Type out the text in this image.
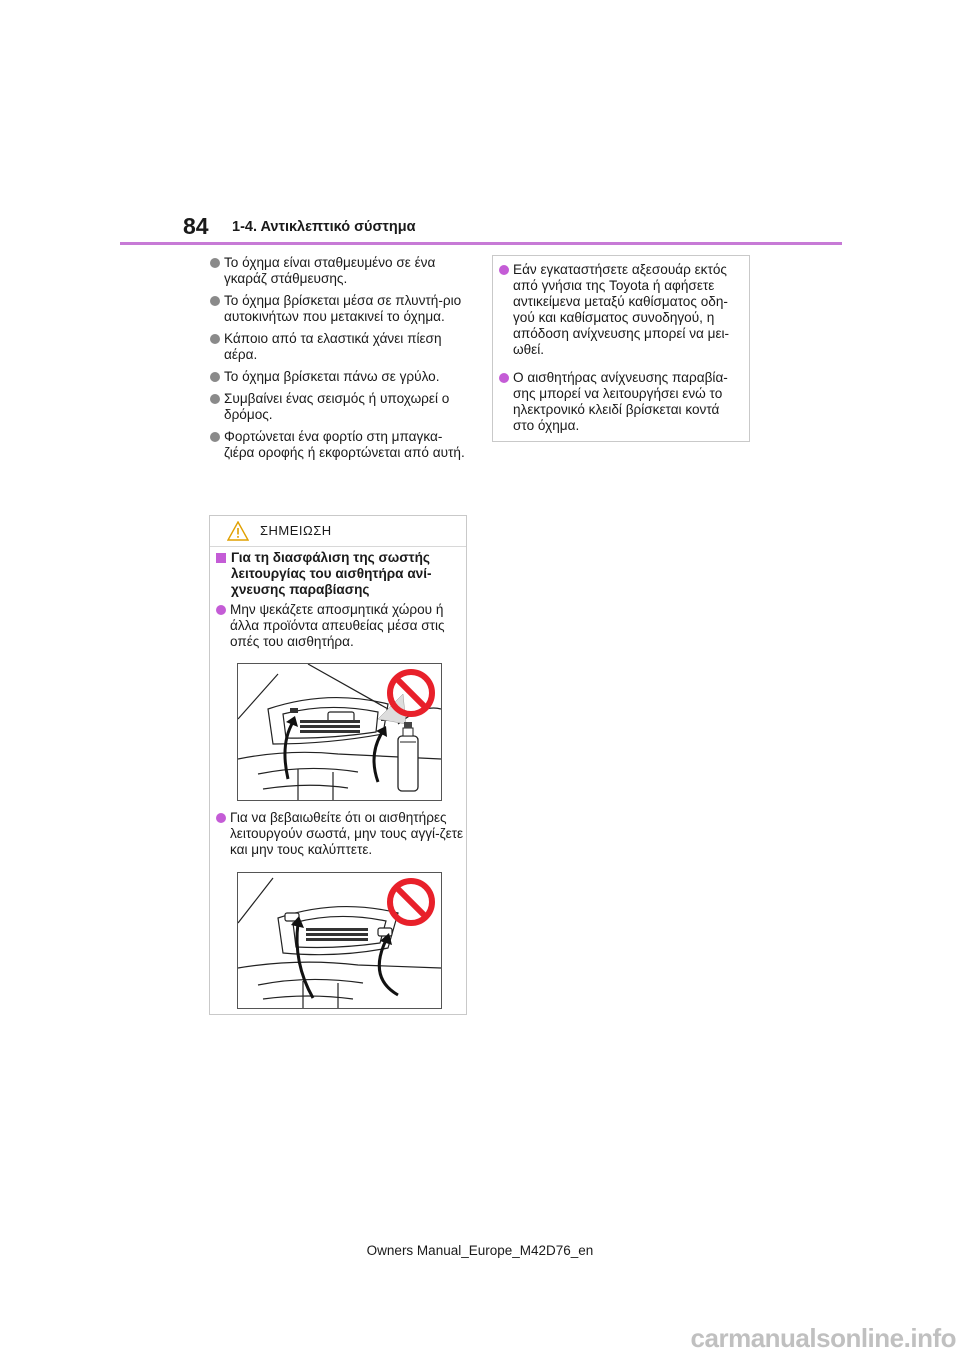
84 1-4. Αντικλεπτικό σύστημα
Το όχημα είναι σταθμευμένο σε ένα γκαράζ στάθμευσης.
Το όχημα βρίσκεται μέσα σε πλυντή-ριο αυτοκινήτων που μετακινεί το όχημα.
Κάποιο από τα ελαστικά χάνει πίεση αέρα.
Το όχημα βρίσκεται πάνω σε γρύλο.
Συμβαίνει ένας σεισμός ή υποχωρεί ο δρόμος.
Φορτώνεται ένα φορτίο στη μπαγκα-ζιέρα οροφής ή εκφορτώνεται από αυτή.
ΣΗΜΕΙΩΣΗ
Για τη διασφάλιση της σωστής λειτουργίας του αισθητήρα ανί-χνευσης παραβίασης
Μην ψεκάζετε αποσμητικά χώρου ή άλλα προϊόντα απευθείας μέσα στις οπές του αισθητήρα.
Για να βεβαιωθείτε ότι οι αισθητήρες λειτουργούν σωστά, μην τους αγγί-ζετε και μην τους καλύπτετε.
Εάν εγκαταστήσετε αξεσουάρ εκτός από γνήσια της Toyota ή αφήσετε αντικείμενα μεταξύ καθίσματος οδη-γού και καθίσματος συνοδηγού, η απόδοση ανίχνευσης μπορεί να μει-ωθεί.
Ο αισθητήρας ανίχνευσης παραβία-σης μπορεί να λειτουργήσει ενώ το ηλεκτρονικό κλειδί βρίσκεται κοντά στο όχημα.
Owners Manual_Europe_M42D76_en
carmanualsonline.info
